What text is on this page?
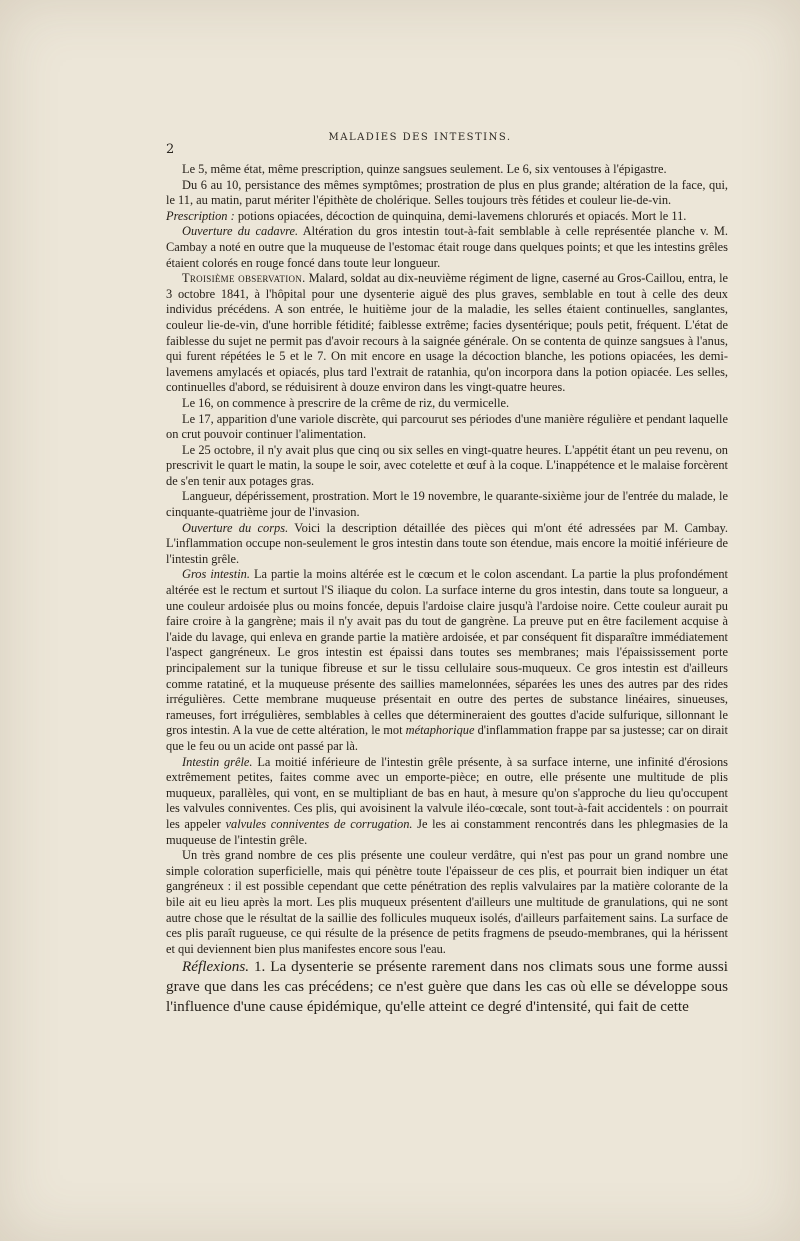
2
MALADIES DES INTESTINS.

Le 5, même état, même prescription, quinze sangsues seulement. Le 6, six ventouses à l'épigastre.

Du 6 au 10, persistance des mêmes symptômes; prostration de plus en plus grande; altération de la face, qui, le 11, au matin, parut mériter l'épithète de cholérique. Selles toujours très fétides et couleur lie-de-vin.

Prescription : potions opiacées, décoction de quinquina, demi-lavemens chlorurés et opiacés. Mort le 11.

Ouverture du cadavre. Altération du gros intestin tout-à-fait semblable à celle représentée planche v. M. Cambay a noté en outre que la muqueuse de l'estomac était rouge dans quelques points; et que les intestins grêles étaient colorés en rouge foncé dans toute leur longueur.

Troisième observation. Malard, soldat au dix-neuvième régiment de ligne, caserné au Gros-Caillou, entra, le 3 octobre 1841, à l'hôpital pour une dysenterie aiguë des plus graves, semblable en tout à celle des deux individus précédens. A son entrée, le huitième jour de la maladie, les selles étaient continuelles, sanglantes, couleur lie-de-vin, d'une horrible fétidité; faiblesse extrême; facies dysentérique; pouls petit, fréquent. L'état de faiblesse du sujet ne permit pas d'avoir recours à la saignée générale. On se contenta de quinze sangsues à l'anus, qui furent répétées le 5 et le 7. On mit encore en usage la décoction blanche, les potions opiacées, les demi-lavemens amylacés et opiacés, plus tard l'extrait de ratanhia, qu'on incorpora dans la potion opiacée. Les selles, continuelles d'abord, se réduisirent à douze environ dans les vingt-quatre heures.

Le 16, on commence à prescrire de la crême de riz, du vermicelle.

Le 17, apparition d'une variole discrète, qui parcourut ses périodes d'une manière régulière et pendant laquelle on crut pouvoir continuer l'alimentation.

Le 25 octobre, il n'y avait plus que cinq ou six selles en vingt-quatre heures. L'appétit étant un peu revenu, on prescrivit le quart le matin, la soupe le soir, avec cotelette et œuf à la coque. L'inappétence et le malaise forcèrent de s'en tenir aux potages gras.

Langueur, dépérissement, prostration. Mort le 19 novembre, le quarante-sixième jour de l'entrée du malade, le cinquante-quatrième jour de l'invasion.

Ouverture du corps. Voici la description détaillée des pièces qui m'ont été adressées par M. Cambay. L'inflammation occupe non-seulement le gros intestin dans toute son étendue, mais encore la moitié inférieure de l'intestin grêle.

Gros intestin. La partie la moins altérée est le cœcum et le colon ascendant. La partie la plus profondément altérée est le rectum et surtout l'S iliaque du colon. La surface interne du gros intestin, dans toute sa longueur, a une couleur ardoisée plus ou moins foncée, depuis l'ardoise claire jusqu'à l'ardoise noire. Cette couleur aurait pu faire croire à la gangrène; mais il n'y avait pas du tout de gangrène. La preuve put en être facilement acquise à l'aide du lavage, qui enleva en grande partie la matière ardoisée, et par conséquent fit disparaître immédiatement l'aspect gangréneux. Le gros intestin est épaissi dans toutes ses membranes; mais l'épaississement porte principalement sur la tunique fibreuse et sur le tissu cellulaire sous-muqueux. Ce gros intestin est d'ailleurs comme ratatiné, et la muqueuse présente des saillies mamelonnées, séparées les unes des autres par des rides irrégulières. Cette membrane muqueuse présentait en outre des pertes de substance linéaires, sinueuses, rameuses, fort irrégulières, semblables à celles que détermineraient des gouttes d'acide sulfurique, sillonnant le gros intestin. A la vue de cette altération, le mot métaphorique d'inflammation frappe par sa justesse; car on dirait que le feu ou un acide ont passé par là.

Intestin grêle. La moitié inférieure de l'intestin grêle présente, à sa surface interne, une infinité d'érosions extrêmement petites, faites comme avec un emporte-pièce; en outre, elle présente une multitude de plis muqueux, parallèles, qui vont, en se multipliant de bas en haut, à mesure qu'on s'approche du lieu qu'occupent les valvules conniventes. Ces plis, qui avoisinent la valvule iléo-cœcale, sont tout-à-fait accidentels : on pourrait les appeler valvules conniventes de corrugation. Je les ai constamment rencontrés dans les phlegmasies de la muqueuse de l'intestin grêle.

Un très grand nombre de ces plis présente une couleur verdâtre, qui n'est pas pour un grand nombre une simple coloration superficielle, mais qui pénètre toute l'épaisseur de ces plis, et pourrait bien indiquer un état gangréneux : il est possible cependant que cette pénétration des replis valvulaires par la matière colorante de la bile ait eu lieu après la mort. Les plis muqueux présentent d'ailleurs une multitude de granulations, qui ne sont autre chose que le résultat de la saillie des follicules muqueux isolés, d'ailleurs parfaitement sains. La surface de ces plis paraît rugueuse, ce qui résulte de la présence de petits fragmens de pseudo-membranes, qui la hérissent et qui deviennent bien plus manifestes encore sous l'eau.

Réflexions. 1. La dysenterie se présente rarement dans nos climats sous une forme aussi grave que dans les cas précédens; ce n'est guère que dans les cas où elle se développe sous l'influence d'une cause épidémique, qu'elle atteint ce degré d'intensité, qui fait de cette
